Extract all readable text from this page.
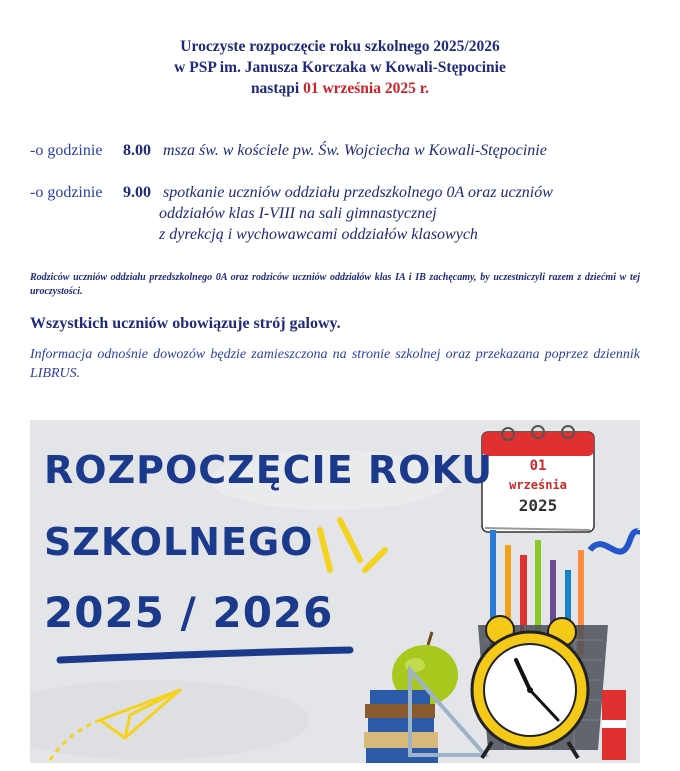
Uroczyste rozpoczęcie roku szkolnego 2025/2026
w PSP im. Janusza Korczaka w Kowali-Stępocinie
nastąpi 01 września 2025 r.
-o godzinie 8.00 msza św. w kościele pw. Św. Wojciecha w Kowali-Stępocinie
-o godzinie 9.00 spotkanie uczniów oddziału przedszkolnego 0A oraz uczniów
oddziałów klas I-VIII na sali gimnastycznej
z dyrekcją i wychowawcami oddziałów klasowych
Rodziców uczniów oddziału przedszkolnego 0A oraz rodziców uczniów oddziałów klas IA i IB zachęcamy, by uczestniczyli razem z dziećmi w tej uroczystości.
Wszystkich uczniów obowiązuje strój galowy.
Informacja odnośnie dowozów będzie zamieszczona na stronie szkolnej oraz przekazana poprzez dziennik LIBRUS.
ROZPOCZĘCIE ROKU
SZKOLNEGO
2025 / 2026
01
września
2025
